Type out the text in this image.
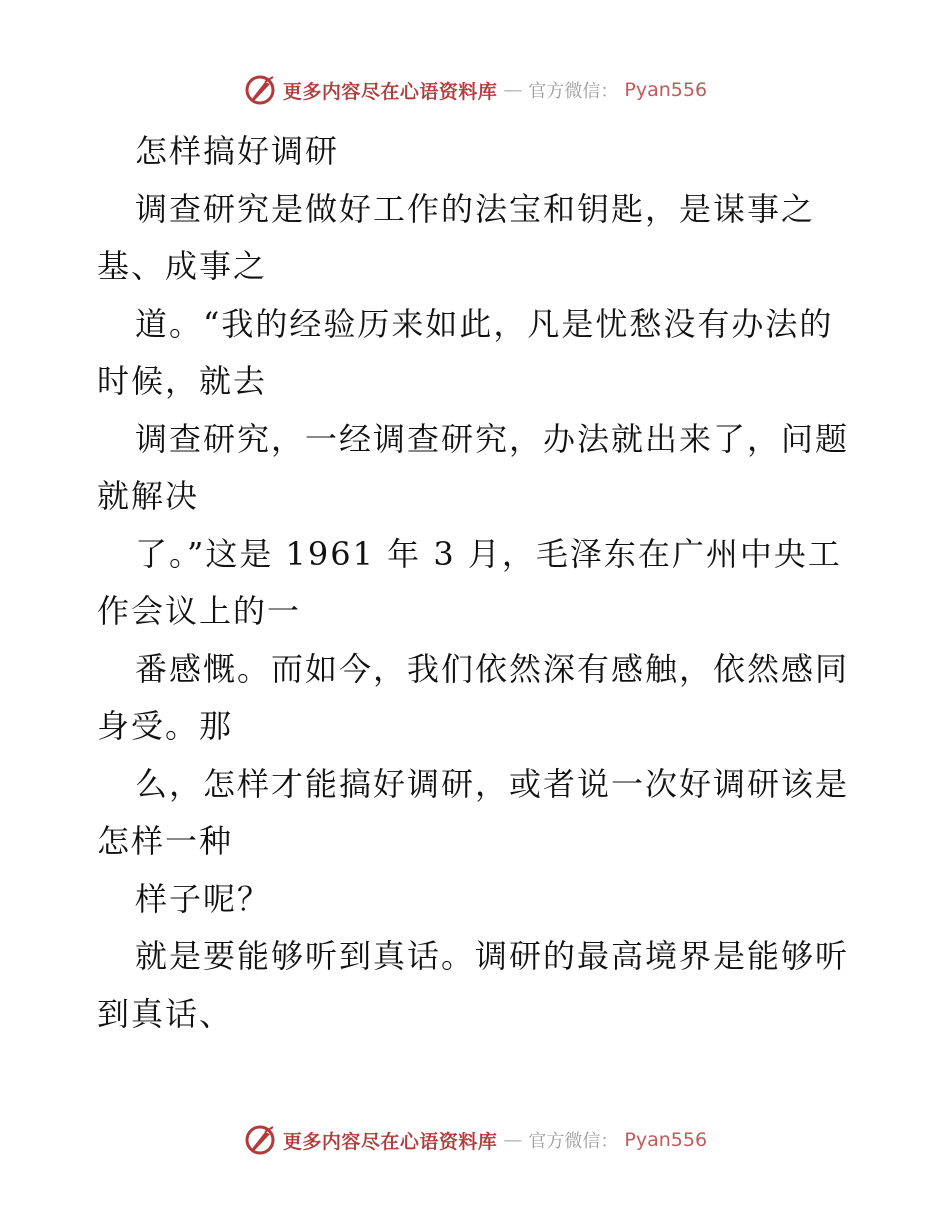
更多内容尽在心语资料库 — 官方微信： Pyan556
怎样搞好调研
调查研究是做好工作的法宝和钥匙，是谋事之
基、成事之
道。“我的经验历来如此，凡是忧愁没有办法的
时候，就去
调查研究，一经调查研究，办法就出来了，问题
就解决
了。”这是 1961 年 3 月，毛泽东在广州中央工
作会议上的一
番感慨。而如今，我们依然深有感触，依然感同
身受。那
么，怎样才能搞好调研，或者说一次好调研该是
怎样一种
样子呢？
就是要能够听到真话。调研的最高境界是能够听
到真话、
更多内容尽在心语资料库 — 官方微信： Pyan556
